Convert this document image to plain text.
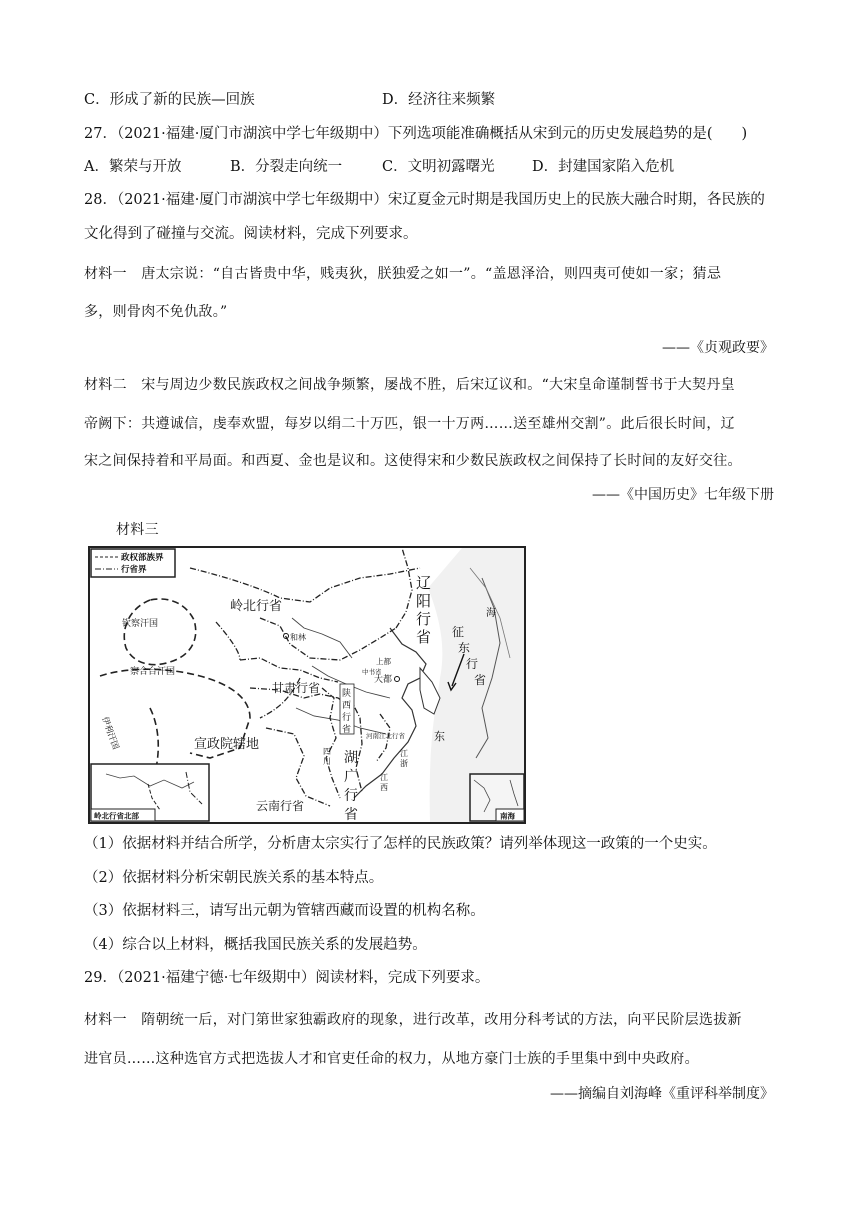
C．形成了新的民族—回族	D．经济往来频繁
27．（2021·福建·厦门市湖滨中学七年级期中）下列选项能准确概括从宋到元的历史发展趋势的是(　　)
A．繁荣与开放	B．分裂走向统一	C．文明初露曙光	D．封建国家陷入危机
28．（2021·福建·厦门市湖滨中学七年级期中）宋辽夏金元时期是我国历史上的民族大融合时期，各民族的
文化得到了碰撞与交流。阅读材料，完成下列要求。
材料一　唐太宗说：“自古皆贵中华，贱夷狄，朕独爱之如一”。“盖恩泽洽，则四夷可使如一家；猜忌
多，则骨肉不免仇敌。”
——《贞观政要》
材料二　宋与周边少数民族政权之间战争频繁，屡战不胜，后宋辽议和。“大宋皇命谨制誓书于大契丹皇
帝阙下：共遵诚信，虔奉欢盟，每岁以绢二十万匹，银一十万两……送至雄州交割”。此后很长时间，辽
宋之间保持着和平局面。和西夏、金也是议和。这使得宋和少数民族政权之间保持了长时间的友好交往。
——《中国历史》七年级下册
材料三
政权部族界
行省界
岭北行省北部	南海
钦察汗国
察合台汗国
伊利汗国
岭北行省
和林
辽
阳
行
省 征
东
行
省
上都
大都
中书省
甘肃行省 陕
西
行
省
宣政院辖地
河南江北行省
四
川 湖
广
行
省
江
浙
江
西
云南行省
东
海
（1）依据材料并结合所学，分析唐太宗实行了怎样的民族政策？请列举体现这一政策的一个史实。
（2）依据材料分析宋朝民族关系的基本特点。
（3）依据材料三，请写出元朝为管辖西藏而设置的机构名称。
（4）综合以上材料，概括我国民族关系的发展趋势。
29．（2021·福建宁德·七年级期中）阅读材料，完成下列要求。
材料一　隋朝统一后，对门第世家独霸政府的现象，进行改革，改用分科考试的方法，向平民阶层选拔新
进官员……这种选官方式把选拔人才和官吏任命的权力，从地方豪门士族的手里集中到中央政府。
——摘编自刘海峰《重评科举制度》
